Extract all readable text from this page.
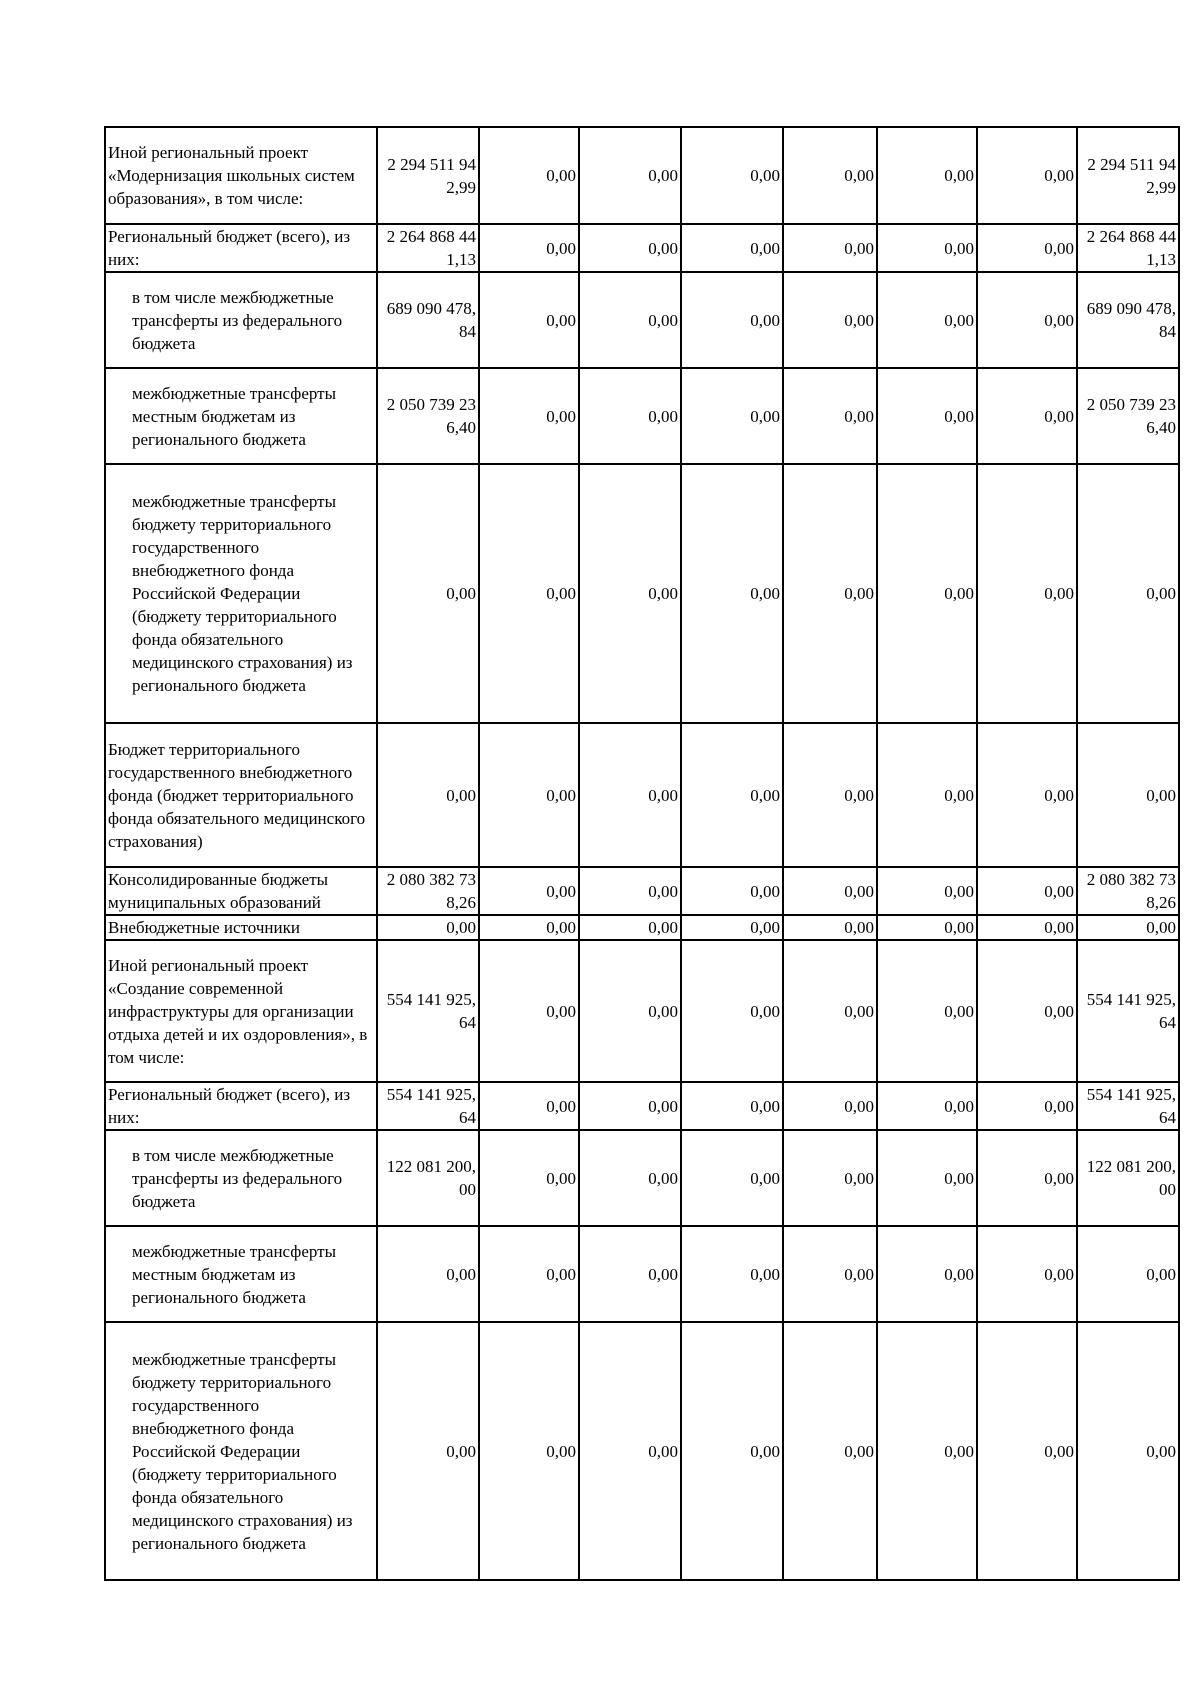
Иной региональный проект «Модернизация школьных систем образования», в том числе:	2 294 511 942,99	0,00	0,00	0,00	0,00	0,00	0,00	2 294 511 942,99
Региональный бюджет (всего), из них:	2 264 868 441,13	0,00	0,00	0,00	0,00	0,00	0,00	2 264 868 441,13
в том числе межбюджетные трансферты из федерального бюджета	689 090 478,84	0,00	0,00	0,00	0,00	0,00	0,00	689 090 478,84
межбюджетные трансферты местным бюджетам из регионального бюджета	2 050 739 236,40	0,00	0,00	0,00	0,00	0,00	0,00	2 050 739 236,40
межбюджетные трансферты бюджету территориального государственного внебюджетного фонда Российской Федерации (бюджету территориального фонда обязательного медицинского страхования) из регионального бюджета	0,00	0,00	0,00	0,00	0,00	0,00	0,00	0,00
Бюджет территориального государственного внебюджетного фонда (бюджет территориального фонда обязательного медицинского страхования)	0,00	0,00	0,00	0,00	0,00	0,00	0,00	0,00
Консолидированные бюджеты муниципальных образований	2 080 382 738,26	0,00	0,00	0,00	0,00	0,00	0,00	2 080 382 738,26
Внебюджетные источники	0,00	0,00	0,00	0,00	0,00	0,00	0,00	0,00
Иной региональный проект «Создание современной инфраструктуры для организации отдыха детей и их оздоровления», в том числе:	554 141 925,64	0,00	0,00	0,00	0,00	0,00	0,00	554 141 925,64
Региональный бюджет (всего), из них:	554 141 925,64	0,00	0,00	0,00	0,00	0,00	0,00	554 141 925,64
в том числе межбюджетные трансферты из федерального бюджета	122 081 200,00	0,00	0,00	0,00	0,00	0,00	0,00	122 081 200,00
межбюджетные трансферты местным бюджетам из регионального бюджета	0,00	0,00	0,00	0,00	0,00	0,00	0,00	0,00
межбюджетные трансферты бюджету территориального государственного внебюджетного фонда Российской Федерации (бюджету территориального фонда обязательного медицинского страхования) из регионального бюджета	0,00	0,00	0,00	0,00	0,00	0,00	0,00	0,00
